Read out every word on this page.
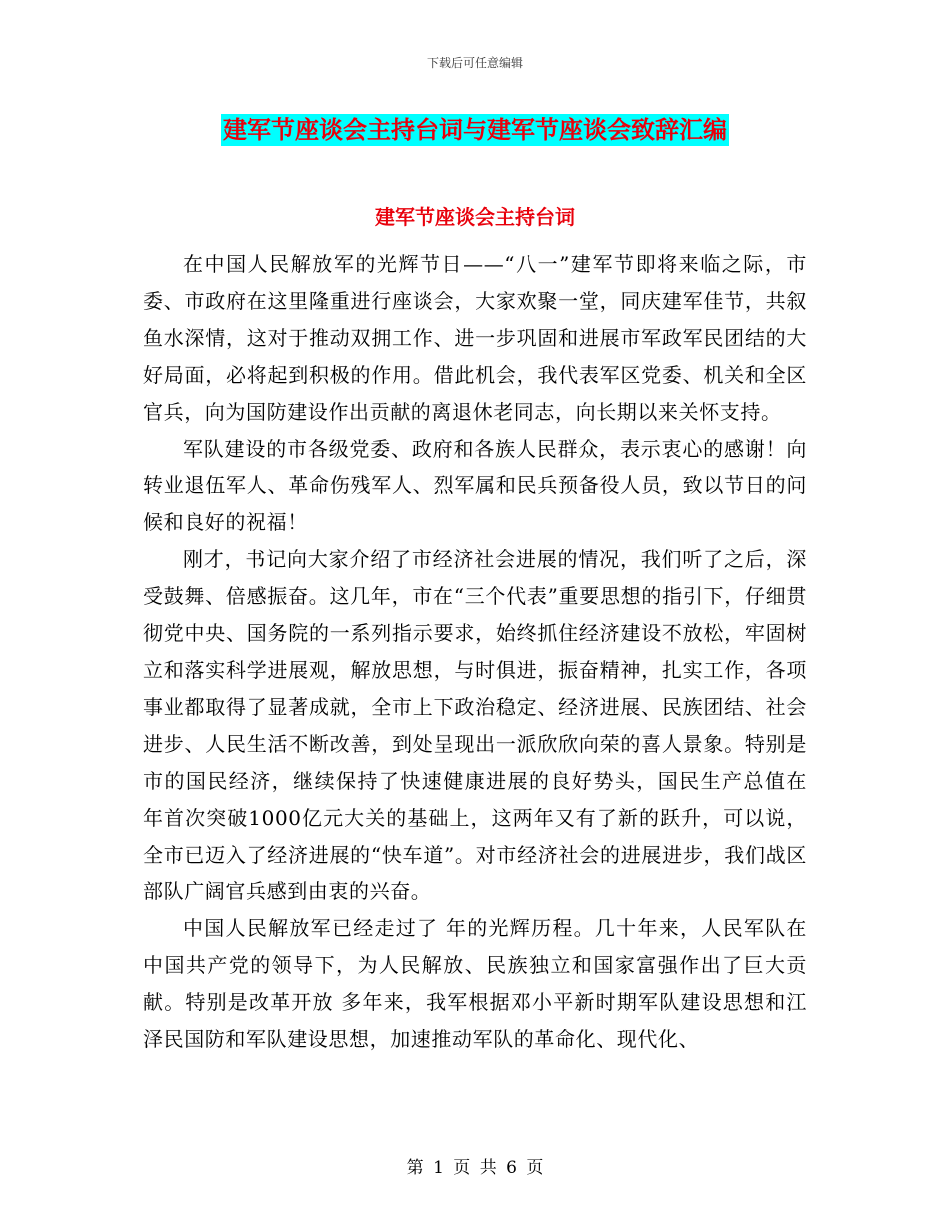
下载后可任意编辑
建军节座谈会主持台词与建军节座谈会致辞汇编
建军节座谈会主持台词

在中国人民解放军的光辉节日——“八一”建军节即将来临之际，市委、市政府在这里隆重进行座谈会，大家欢聚一堂，同庆建军佳节，共叙鱼水深情，这对于推动双拥工作、进一步巩固和进展市军政军民团结的大好局面，必将起到积极的作用。借此机会，我代表军区党委、机关和全区官兵，向为国防建设作出贡献的离退休老同志，向长期以来关怀支持。

军队建设的市各级党委、政府和各族人民群众，表示衷心的感谢！向转业退伍军人、革命伤残军人、烈军属和民兵预备役人员，致以节日的问候和良好的祝福！

刚才，书记向大家介绍了市经济社会进展的情况，我们听了之后，深受鼓舞、倍感振奋。这几年，市在“三个代表”重要思想的指引下，仔细贯彻党中央、国务院的一系列指示要求，始终抓住经济建设不放松，牢固树立和落实科学进展观，解放思想，与时俱进，振奋精神，扎实工作，各项事业都取得了显著成就，全市上下政治稳定、经济进展、民族团结、社会进步、人民生活不断改善，到处呈现出一派欣欣向荣的喜人景象。特别是市的国民经济，继续保持了快速健康进展的良好势头，国民生产总值在 年首次突破1000亿元大关的基础上，这两年又有了新的跃升，可以说，全市已迈入了经济进展的“快车道”。对市经济社会的进展进步，我们战区部队广阔官兵感到由衷的兴奋。

中国人民解放军已经走过了 年的光辉历程。几十年来，人民军队在中国共产党的领导下，为人民解放、民族独立和国家富强作出了巨大贡献。特别是改革开放 多年来，我军根据邓小平新时期军队建设思想和江泽民国防和军队建设思想，加速推动军队的革命化、现代化、

第 1 页 共 6 页
